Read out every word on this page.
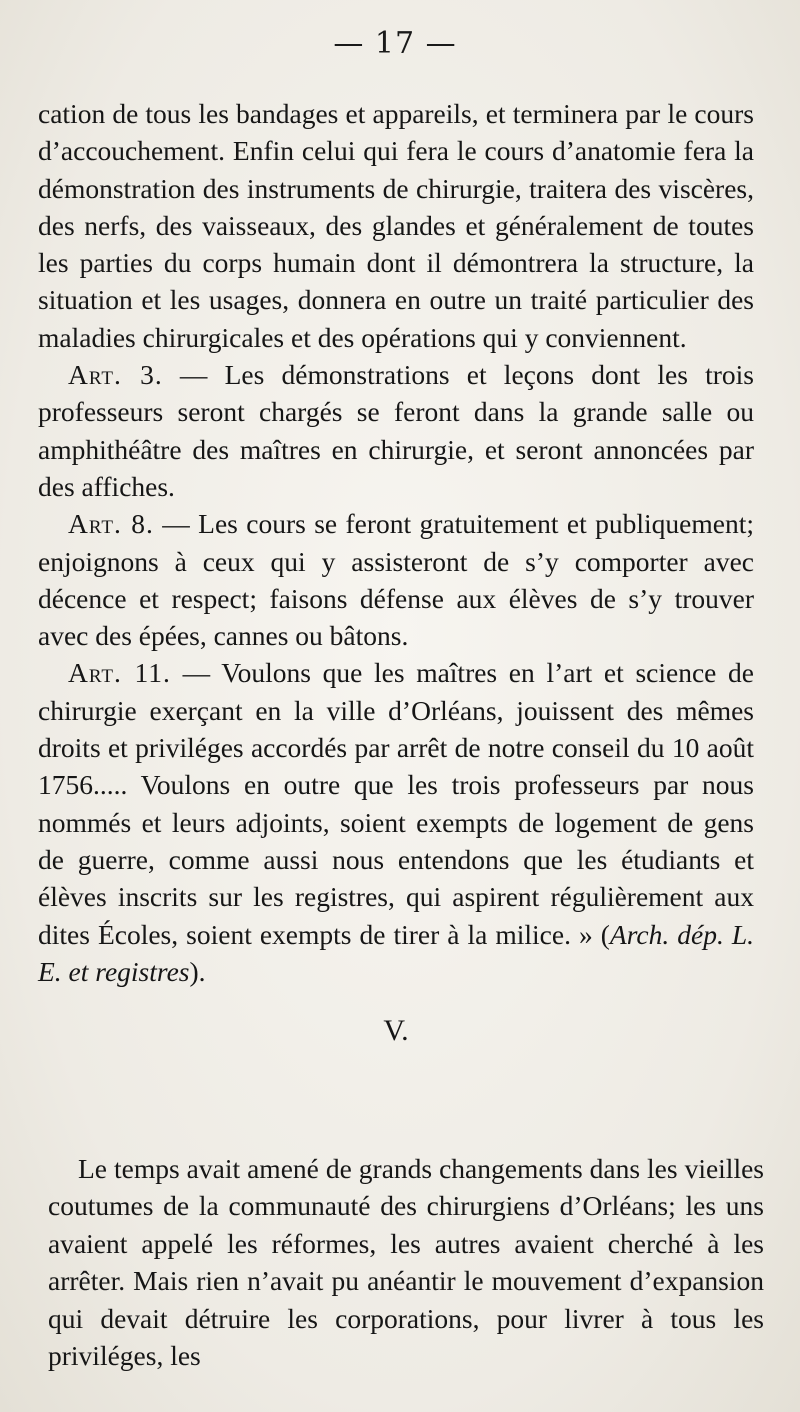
— 17 —

cation de tous les bandages et appareils, et terminera par le cours d’accouchement. Enfin celui qui fera le cours d’anatomie fera la démonstration des instruments de chirurgie, traitera des viscères, des nerfs, des vaisseaux, des glandes et généralement de toutes les parties du corps humain dont il démontrera la structure, la situation et les usages, donnera en outre un traité particulier des maladies chirurgicales et des opérations qui y conviennent.

Art. 3. — Les démonstrations et leçons dont les trois professeurs seront chargés se feront dans la grande salle ou amphithéâtre des maîtres en chirurgie, et seront annoncées par des affiches.

Art. 8. — Les cours se feront gratuitement et publiquement; enjoignons à ceux qui y assisteront de s’y comporter avec décence et respect; faisons défense aux élèves de s’y trouver avec des épées, cannes ou bâtons.

Art. 11. — Voulons que les maîtres en l’art et science de chirurgie exerçant en la ville d’Orléans, jouissent des mêmes droits et priviléges accordés par arrêt de notre conseil du 10 août 1756..... Voulons en outre que les trois professeurs par nous nommés et leurs adjoints, soient exempts de logement de gens de guerre, comme aussi nous entendons que les étudiants et élèves inscrits sur les registres, qui aspirent régulièrement aux dites Écoles, soient exempts de tirer à la milice. » (Arch. dép. L. E. et registres).

V.

Le temps avait amené de grands changements dans les vieilles coutumes de la communauté des chirurgiens d’Orléans; les uns avaient appelé les réformes, les autres avaient cherché à les arrêter. Mais rien n’avait pu anéantir le mouvement d’expansion qui devait détruire les corporations, pour livrer à tous les priviléges, les
